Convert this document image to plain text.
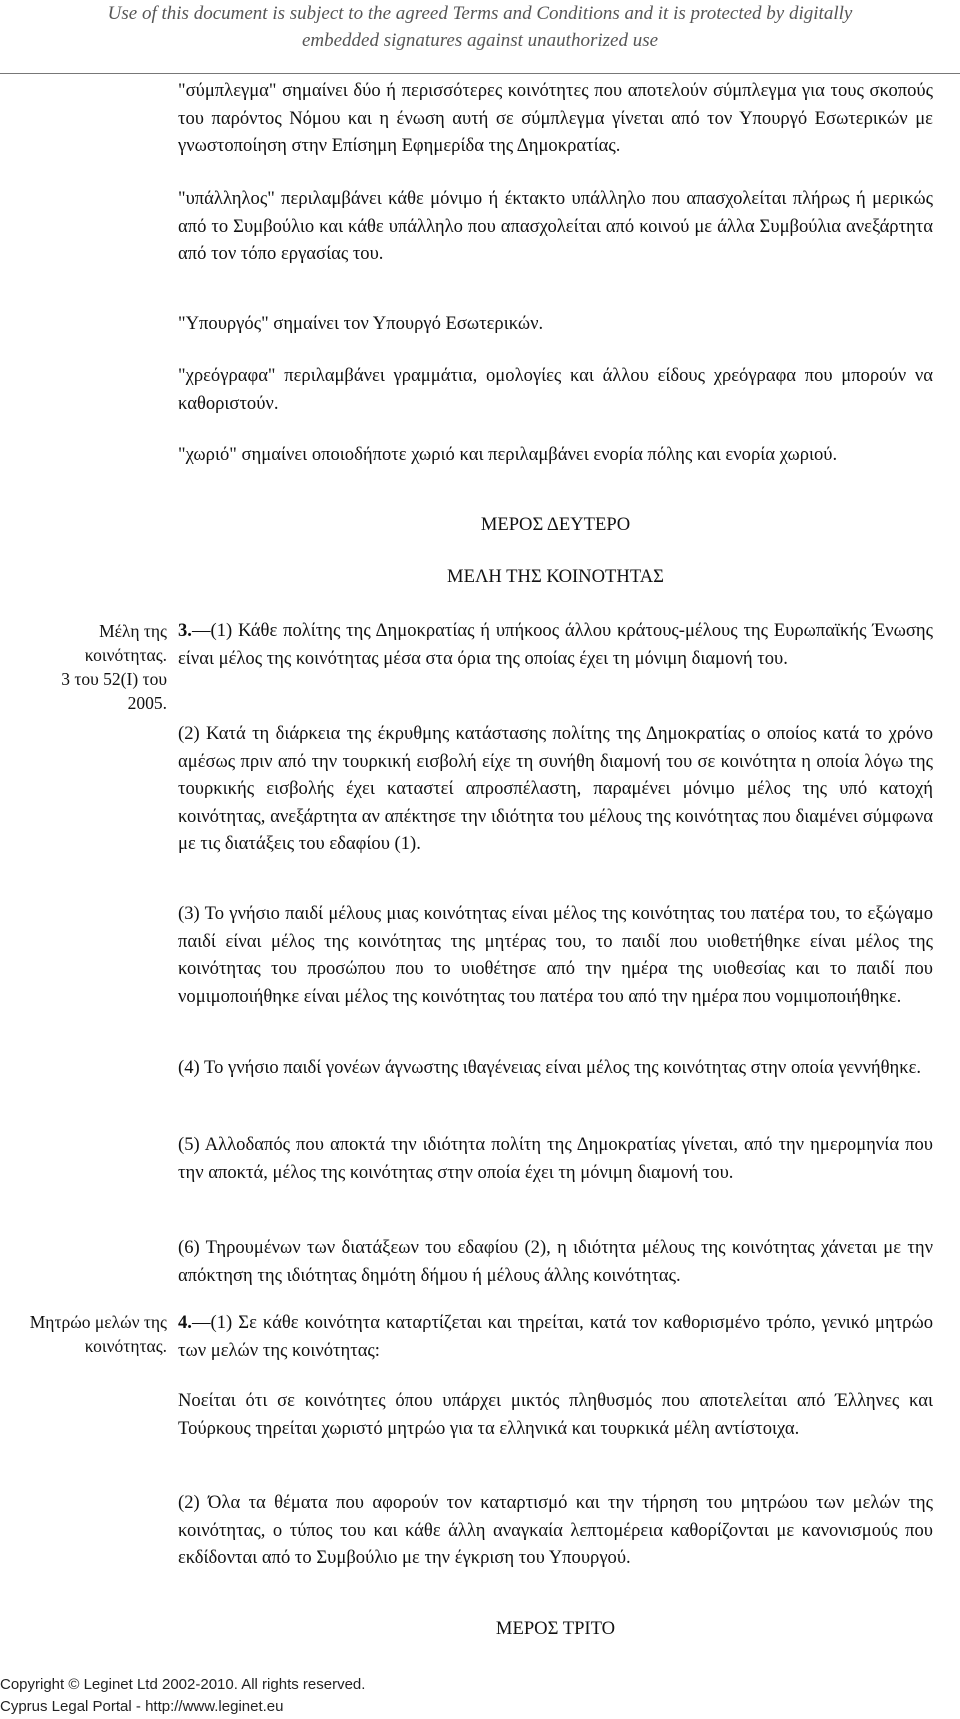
Use of this document is subject to the agreed Terms and Conditions and it is protected by digitally
embedded signatures against unauthorized use

"σύμπλεγμα" σημαίνει δύο ή περισσότερες κοινότητες που αποτελούν σύμπλεγμα για τους σκοπούς του παρόντος Νόμου και η ένωση αυτή σε σύμπλεγμα γίνεται από τον Υπουργό Εσωτερικών με γνωστοποίηση στην Επίσημη Εφημερίδα της Δημοκρατίας.

"υπάλληλος" περιλαμβάνει κάθε μόνιμο ή έκτακτο υπάλληλο που απασχολείται πλήρως ή μερικώς από το Συμβούλιο και κάθε υπάλληλο που απασχολείται από κοινού με άλλα Συμβούλια ανεξάρτητα από τον τόπο εργασίας του.

"Υπουργός" σημαίνει τον Υπουργό Εσωτερικών.

"χρεόγραφα" περιλαμβάνει γραμμάτια, ομολογίες και άλλου είδους χρεόγραφα που μπορούν να καθοριστούν.

"χωριό" σημαίνει οποιοδήποτε χωριό και περιλαμβάνει ενορία πόλης και ενορία χωριού.

ΜΕΡΟΣ ΔΕΥΤΕΡΟ
ΜΕΛΗ ΤΗΣ ΚΟΙΝΟΤΗΤΑΣ
Μέλη της
κοινότητας.
3 του 52(Ι) του
2005.

3.—(1) Κάθε πολίτης της Δημοκρατίας ή υπήκοος άλλου κράτους-μέλους της Ευρωπαϊκής Ένωσης είναι μέλος της κοινότητας μέσα στα όρια της οποίας έχει τη μόνιμη διαμονή του.

(2) Κατά τη διάρκεια της έκρυθμης κατάστασης πολίτης της Δημοκρατίας ο οποίος κατά το χρόνο αμέσως πριν από την τουρκική εισβολή είχε τη συνήθη διαμονή του σε κοινότητα η οποία λόγω της τουρκικής εισβολής έχει καταστεί απροσπέλαστη, παραμένει μόνιμο μέλος της υπό κατοχή κοινότητας, ανεξάρτητα αν απέκτησε την ιδιότητα του μέλους της κοινότητας που διαμένει σύμφωνα με τις διατάξεις του εδαφίου (1).

(3) Το γνήσιο παιδί μέλους μιας κοινότητας είναι μέλος της κοινότητας του πατέρα του, το εξώγαμο παιδί είναι μέλος της κοινότητας της μητέρας του, το παιδί που υιοθετήθηκε είναι μέλος της κοινότητας του προσώπου που το υιοθέτησε από την ημέρα της υιοθεσίας και το παιδί που νομιμοποιήθηκε είναι μέλος της κοινότητας του πατέρα του από την ημέρα που νομιμοποιήθηκε.

(4) Το γνήσιο παιδί γονέων άγνωστης ιθαγένειας είναι μέλος της κοινότητας στην οποία γεννήθηκε.

(5) Αλλοδαπός που αποκτά την ιδιότητα πολίτη της Δημοκρατίας γίνεται, από την ημερομηνία που την αποκτά, μέλος της κοινότητας στην οποία έχει τη μόνιμη διαμονή του.

(6) Τηρουμένων των διατάξεων του εδαφίου (2), η ιδιότητα μέλους της κοινότητας χάνεται με την απόκτηση της ιδιότητας δημότη δήμου ή μέλους άλλης κοινότητας.

Μητρώο μελών της
κοινότητας.

4.—(1) Σε κάθε κοινότητα καταρτίζεται και τηρείται, κατά τον καθορισμένο τρόπο, γενικό μητρώο των μελών της κοινότητας:

Νοείται ότι σε κοινότητες όπου υπάρχει μικτός πληθυσμός που αποτελείται από Έλληνες και Τούρκους τηρείται χωριστό μητρώο για τα ελληνικά και τουρκικά μέλη αντίστοιχα.

(2) Όλα τα θέματα που αφορούν τον καταρτισμό και την τήρηση του μητρώου των μελών της κοινότητας, ο τύπος του και κάθε άλλη αναγκαία λεπτομέρεια καθορίζονται με κανονισμούς που εκδίδονται από το Συμβούλιο με την έγκριση του Υπουργού.

ΜΕΡΟΣ ΤΡΙΤΟ
Copyright © Leginet Ltd 2002-2010. All rights reserved.
Cyprus Legal Portal - http://www.leginet.eu
